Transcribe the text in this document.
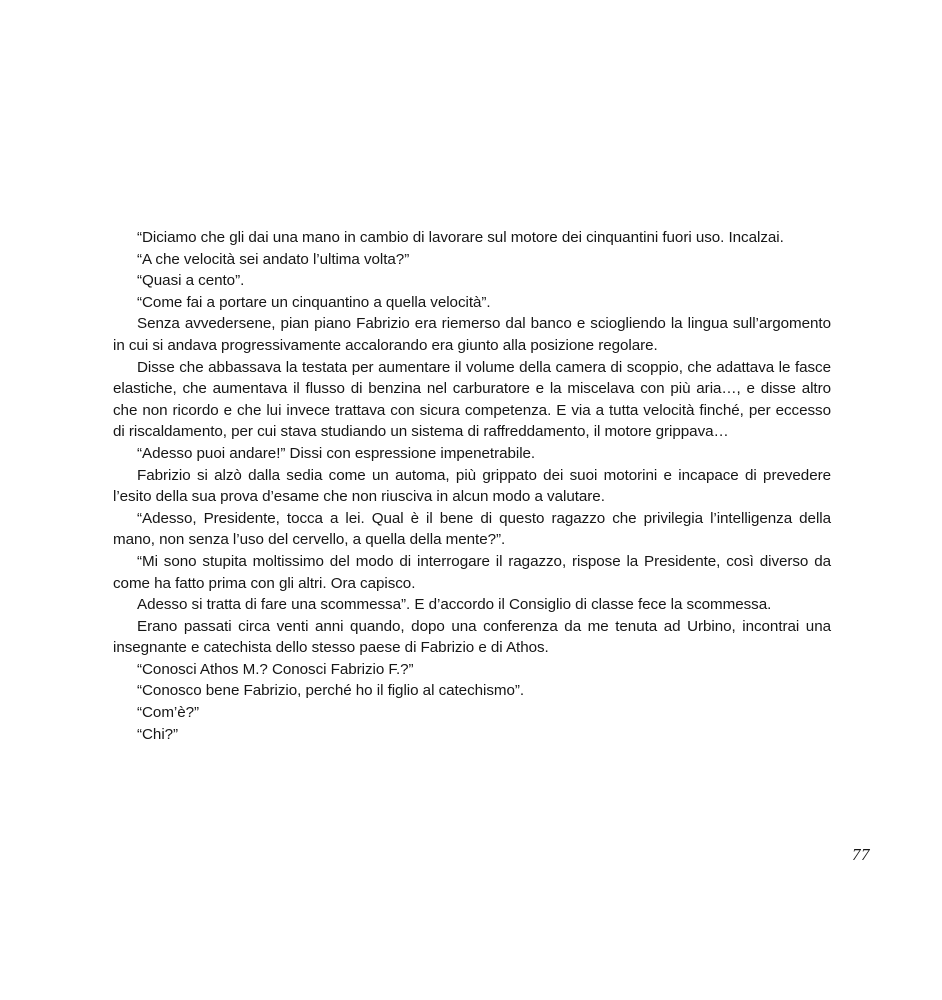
“Diciamo che gli dai una mano in cambio di lavorare sul motore dei cinquantini fuori uso. Incalzai.

“A che velocità sei andato l’ultima volta?”

“Quasi a cento”.

“Come fai a portare un cinquantino a quella velocità”.

Senza avvedersene, pian piano Fabrizio era riemerso dal banco e sciogliendo la lingua sull’argomento in cui si andava progressivamente accalorando era giunto alla posizione regolare.

Disse che abbassava la testata per aumentare il volume della camera di scoppio, che adattava le fasce elastiche, che aumentava il flusso di benzina nel carburatore e la miscelava con più aria…, e disse altro che non ricordo e che lui invece trattava con sicura competenza. E via a tutta velocità finché, per eccesso di riscaldamento, per cui stava studiando un sistema di raffreddamento, il motore grippava…

“Adesso puoi andare!” Dissi con espressione impenetrabile.

Fabrizio si alzò dalla sedia come un automa, più grippato dei suoi motorini e incapace di prevedere l’esito della sua prova d’esame che non riusciva in alcun modo a valutare.

“Adesso, Presidente, tocca a lei. Qual è il bene di questo ragazzo che privilegia l’intelligenza della mano, non senza l’uso del cervello, a quella della mente?”.

“Mi sono stupita moltissimo del modo di interrogare il ragazzo, rispose la Presidente, così diverso da come ha fatto prima con gli altri. Ora capisco.

Adesso si tratta di fare una scommessa”. E d’accordo il Consiglio di classe fece la scommessa.

Erano passati circa venti anni quando, dopo una conferenza da me tenuta ad Urbino, incontrai una insegnante e catechista dello stesso paese di Fabrizio e di Athos.

“Conosci Athos M.? Conosci Fabrizio F.?”

“Conosco bene Fabrizio, perché ho il figlio al catechismo”.

“Com’è?”

“Chi?”

77
